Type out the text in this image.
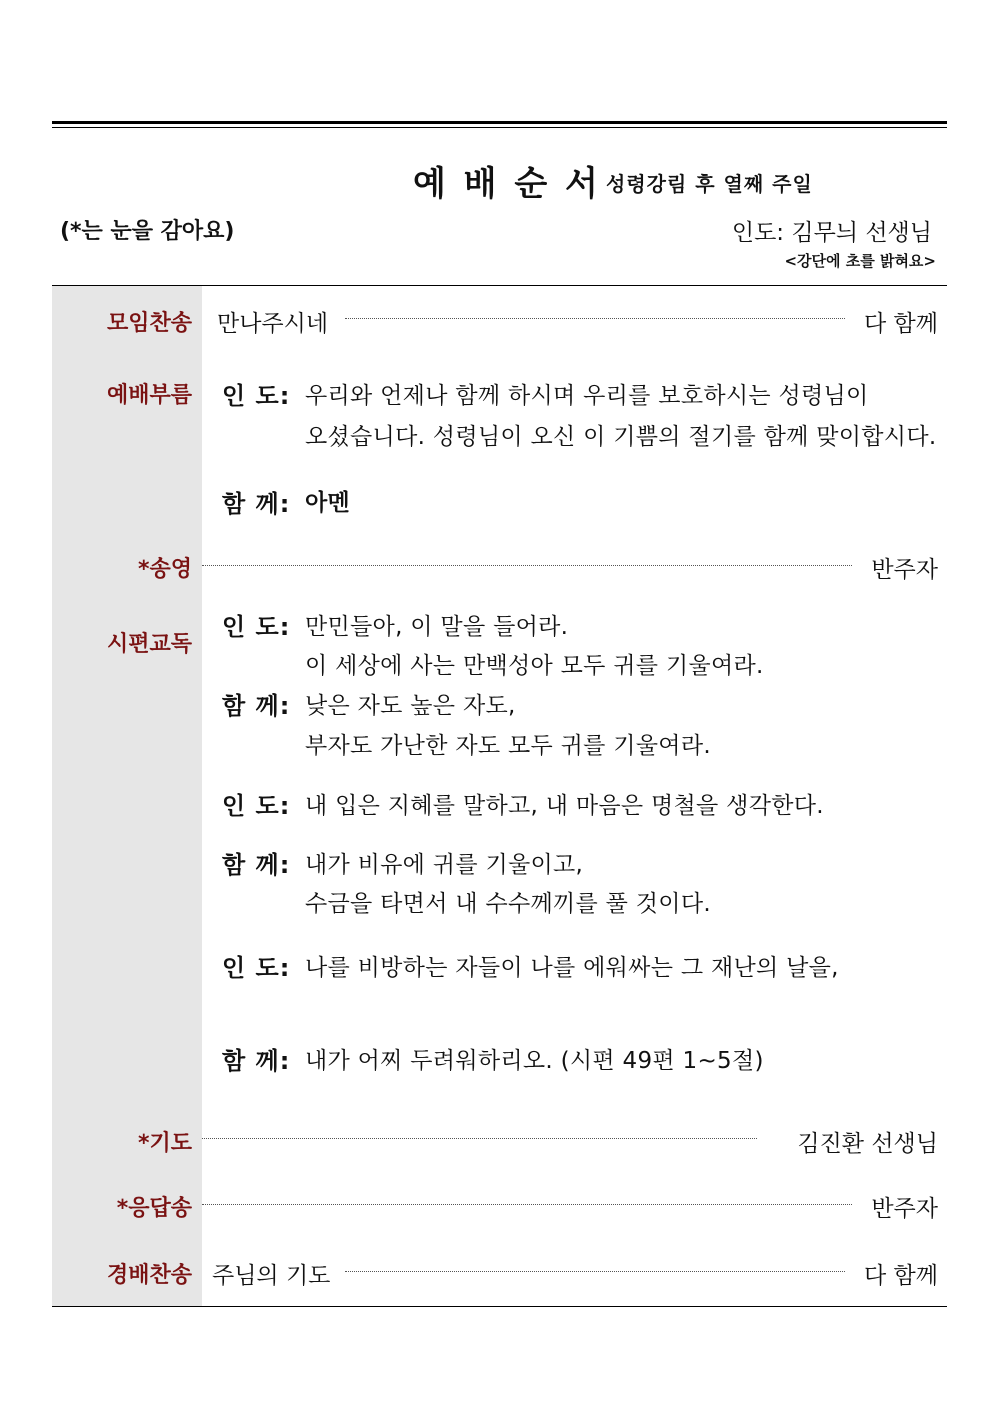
예 배 순 서 성령강림 후 열째 주일
(*는 눈을 감아요)	인도: 김무늬 선생님
<강단에 초를 밝혀요>
모임찬송 만나주시네	다 함께
예배부름 인 도: 우리와 언제나 함께 하시며 우리를 보호하시는 성령님이
오셨습니다. 성령님이 오신 이 기쁨의 절기를 함께 맞이합시다.
함 께: 아멘
*송영	반주자
시편교독
인 도: 만민들아, 이 말을 들어라.
이 세상에 사는 만백성아 모두 귀를 기울여라.
함 께: 낮은 자도 높은 자도,
부자도 가난한 자도 모두 귀를 기울여라.
인 도: 내 입은 지혜를 말하고, 내 마음은 명철을 생각한다.
함 께: 내가 비유에 귀를 기울이고,
수금을 타면서 내 수수께끼를 풀 것이다.
인 도: 나를 비방하는 자들이 나를 에워싸는 그 재난의 날을,
함 께: 내가 어찌 두려워하리오. (시편 49편 1~5절)
*기도	김진환 선생님
*응답송	반주자
경배찬송 주님의 기도	다 함께
